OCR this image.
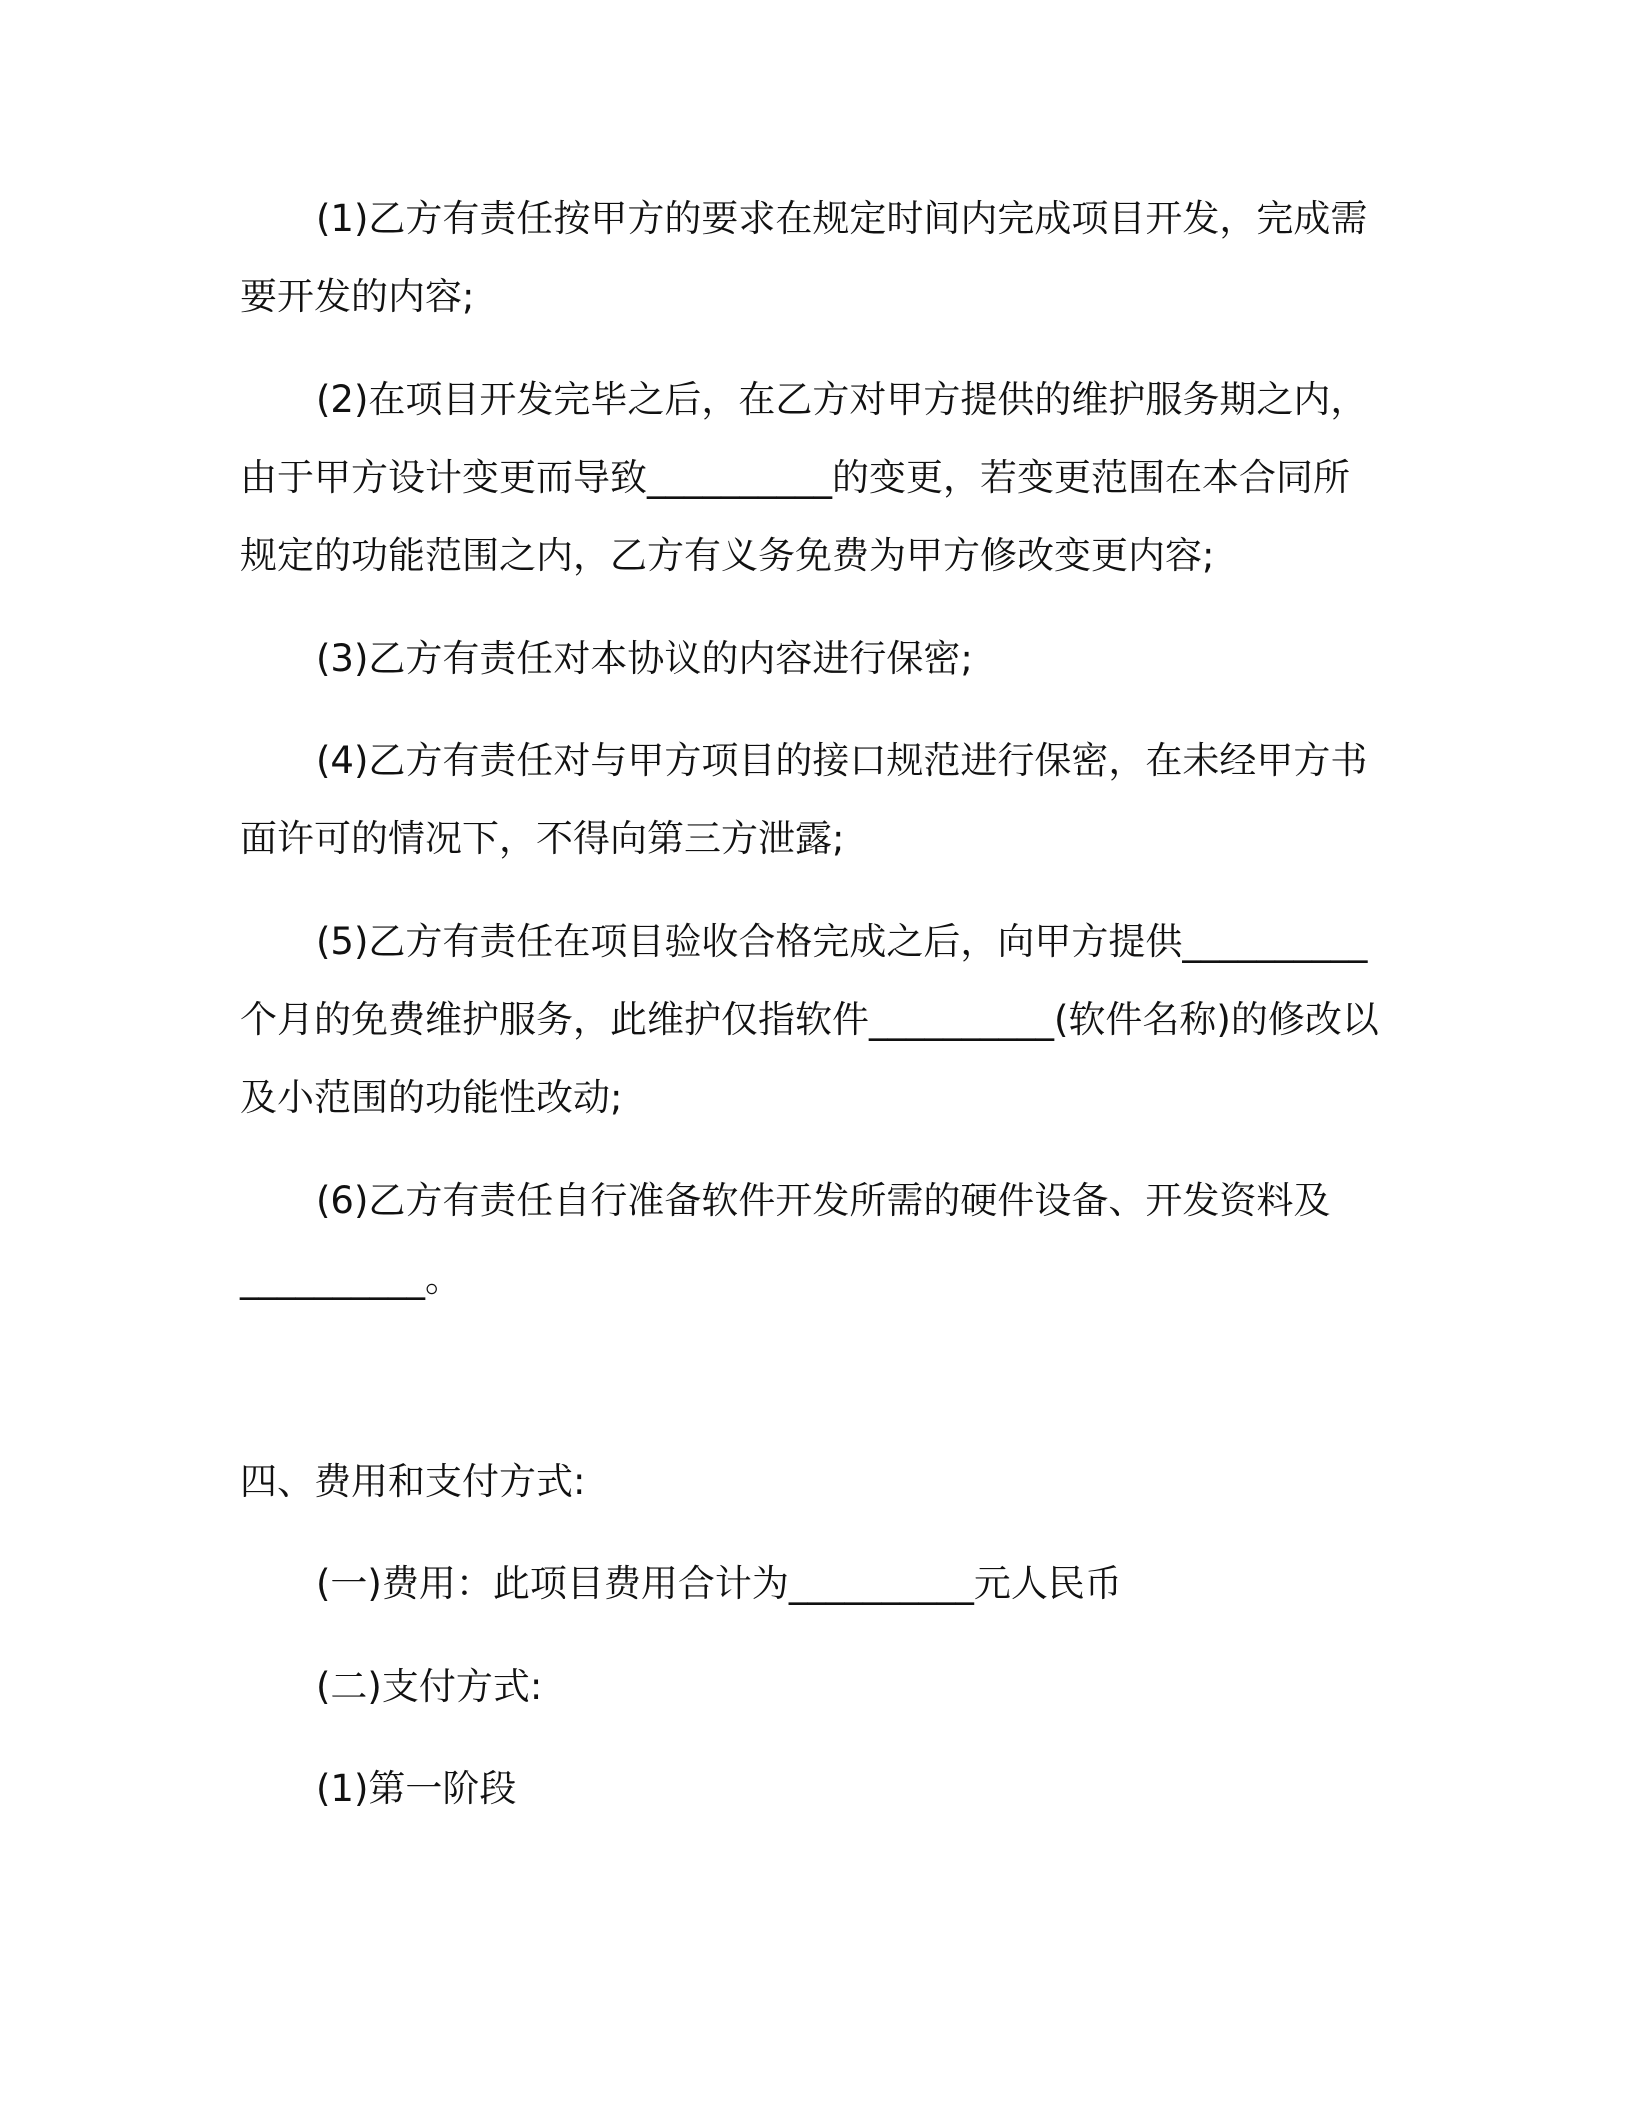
(1)乙方有责任按甲方的要求在规定时间内完成项目开发，完成需
要开发的内容;
(2)在项目开发完毕之后，在乙方对甲方提供的维护服务期之内，
由于甲方设计变更而导致__________的变更，若变更范围在本合同所
规定的功能范围之内，乙方有义务免费为甲方修改变更内容;
(3)乙方有责任对本协议的内容进行保密;
(4)乙方有责任对与甲方项目的接口规范进行保密，在未经甲方书
面许可的情况下，不得向第三方泄露;
(5)乙方有责任在项目验收合格完成之后，向甲方提供__________
个月的免费维护服务，此维护仅指软件__________(软件名称)的修改以
及小范围的功能性改动;
(6)乙方有责任自行准备软件开发所需的硬件设备、开发资料及
__________。
四、费用和支付方式:
(一)费用：此项目费用合计为__________元人民币
(二)支付方式:
(1)第一阶段
